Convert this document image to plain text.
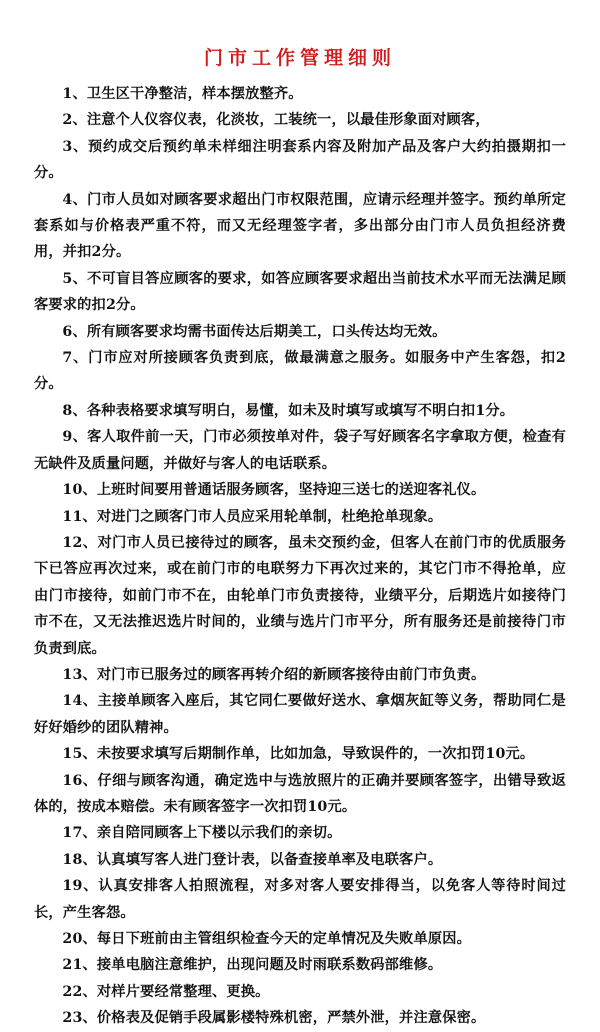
门市工作管理细则
1、卫生区干净整洁，样本摆放整齐。
2、注意个人仪容仪表，化淡妆，工装统一，以最佳形象面对顾客，
3、预约成交后预约单未样细注明套系内容及附加产品及客户大约拍摄期扣一分。
4、门市人员如对顾客要求超出门市权限范围，应请示经理并签字。预约单所定套系如与价格表严重不符，而又无经理签字者，多出部分由门市人员负担经济费用，并扣2分。
5、不可盲目答应顾客的要求，如答应顾客要求超出当前技术水平而无法满足顾客要求的扣2分。
6、所有顾客要求均需书面传达后期美工，口头传达均无效。
7、门市应对所接顾客负责到底，做最满意之服务。如服务中产生客怨，扣2分。
8、各种表格要求填写明白，易懂，如未及时填写或填写不明白扣1分。
9、客人取件前一天，门市必须按单对件，袋子写好顾客名字拿取方便，检查有无缺件及质量问题，并做好与客人的电话联系。
10、上班时间要用普通话服务顾客，坚持迎三送七的送迎客礼仪。
11、对进门之顾客门市人员应采用轮单制，杜绝抢单现象。
12、对门市人员已接待过的顾客，虽未交预约金，但客人在前门市的优质服务下已答应再次过来，或在前门市的电联努力下再次过来的，其它门市不得抢单，应由门市接待，如前门市不在，由轮单门市负责接待，业绩平分，后期选片如接待门市不在，又无法推迟选片时间的，业绩与选片门市平分，所有服务还是前接待门市负责到底。
13、对门市已服务过的顾客再转介绍的新顾客接待由前门市负责。
14、主接单顾客入座后，其它同仁要做好送水、拿烟灰缸等义务，帮助同仁是好好婚纱的团队精神。
15、未按要求填写后期制作单，比如加急，导致误件的，一次扣罚10元。
16、仔细与顾客沟通，确定选中与选放照片的正确并要顾客签字，出错导致返体的，按成本赔偿。未有顾客签字一次扣罚10元。
17、亲自陪同顾客上下楼以示我们的亲切。
18、认真填写客人进门登计表，以备查接单率及电联客户。
19、认真安排客人拍照流程，对多对客人要安排得当，以免客人等待时间过长，产生客怨。
20、每日下班前由主管组织检查今天的定单情况及失败单原因。
21、接单电脑注意维护，出现问题及时雨联系数码部维修。
22、对样片要经常整理、更换。
23、价格表及促销手段属影楼特殊机密，严禁外泄，并注意保密。
